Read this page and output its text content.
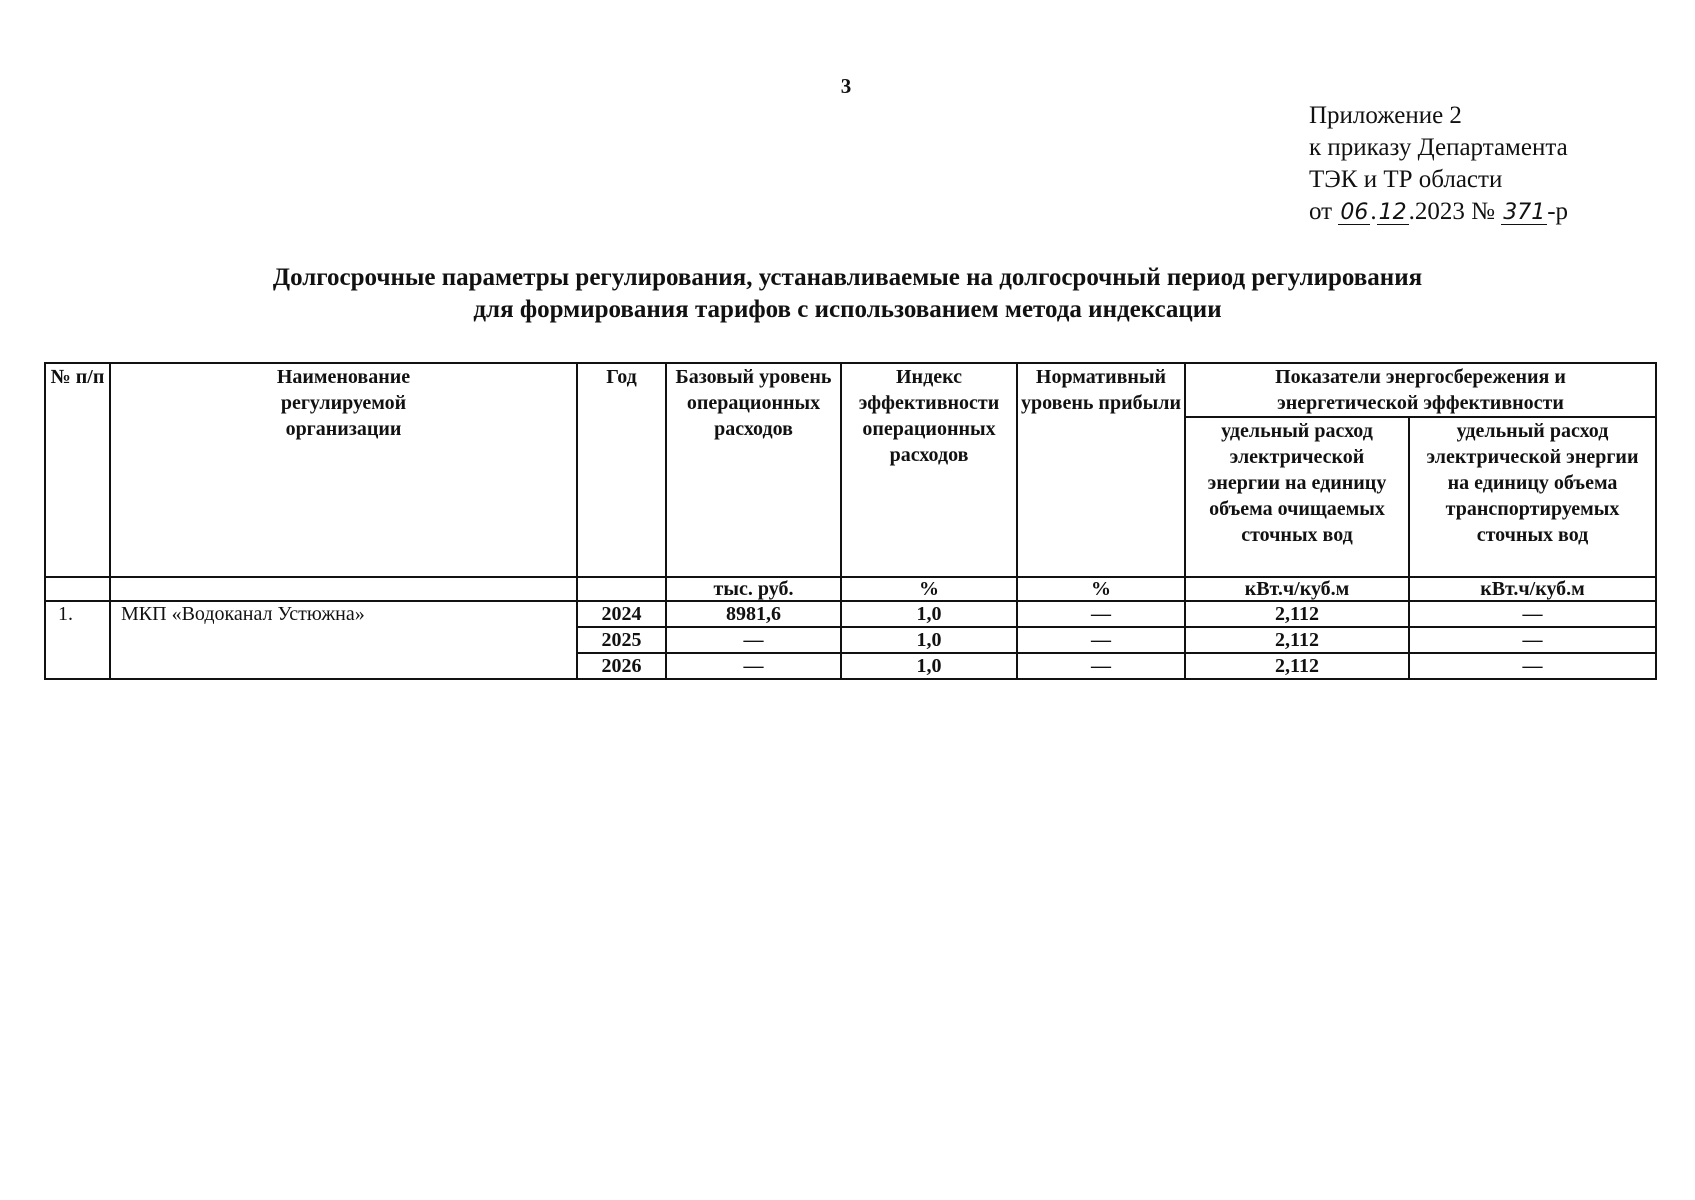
3
Приложение 2
к приказу Департамента
ТЭК и ТР области
от 06.12.2023 № 371-р
Долгосрочные параметры регулирования, устанавливаемые на долгосрочный период регулирования
для формирования тарифов с использованием метода индексации
№ п/п	Наименование регулируемой организации	Год	Базовый уровень операционных расходов	Индекс эффективности операционных расходов	Нормативный уровень прибыли	Показатели энергосбережения и энергетической эффективности	
						удельный расход электрической энергии на единицу объема очищаемых сточных вод	удельный расход электрической энергии на единицу объема транспортируемых сточных вод
			тыс. руб.	%	%	кВт.ч/куб.м	кВт.ч/куб.м
1.	МКП «Водоканал Устюжна»	2024	8981,6	1,0	—	2,112	—
		2025	—	1,0	—	2,112	—
		2026	—	1,0	—	2,112	—
